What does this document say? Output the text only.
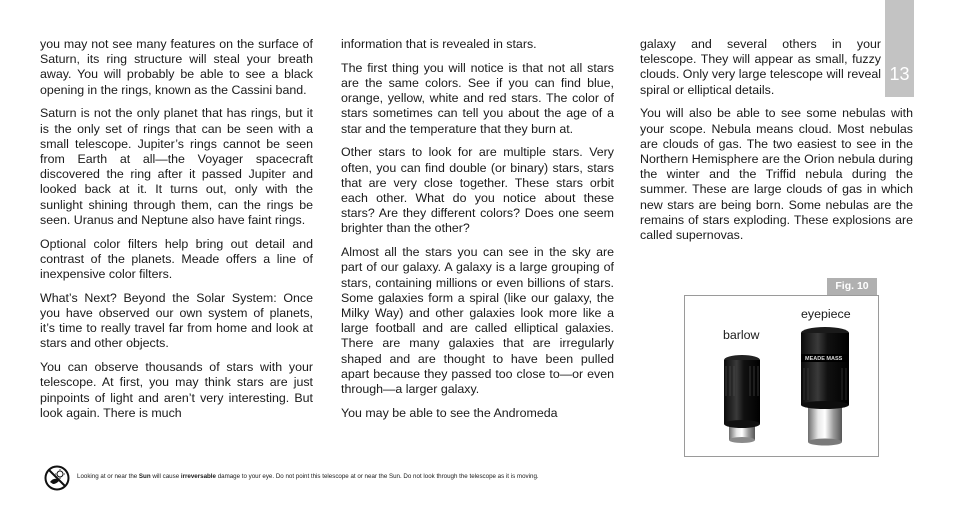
13

you may not see many features on the surface of Saturn, its ring structure will steal your breath away. You will probably be able to see a black opening in the rings, known as the Cassini band.

Saturn is not the only planet that has rings, but it is the only set of rings that can be seen with a small telescope. Jupiter’s rings cannot be seen from Earth at all—the Voyager spacecraft discovered the ring after it passed Jupiter and looked back at it. It turns out, only with the sunlight shining through them, can the rings be seen. Uranus and Neptune also have faint rings.

Optional color filters help bring out detail and contrast of the planets. Meade offers a line of inexpensive color filters.

What’s Next? Beyond the Solar System: Once you have observed our own system of planets, it’s time to really travel far from home and look at stars and other objects.

You can observe thousands of stars with your telescope. At first, you may think stars are just pinpoints of light and aren’t very interesting. But look again. There is much

information that is revealed in stars.

The first thing you will notice is that not all stars are the same colors. See if you can find blue, orange, yellow, white and red stars. The color of stars sometimes can tell you about the age of a star and the temperature that they burn at.

Other stars to look for are multiple stars. Very often, you can find double (or binary) stars, stars that are very close together. These stars orbit each other. What do you notice about these stars? Are they different colors? Does one seem brighter than the other?

Almost all the stars you can see in the sky are part of our galaxy. A galaxy is a large grouping of stars, containing millions or even billions of stars. Some galaxies form a spiral (like our galaxy, the Milky Way) and other galaxies look more like a large football and are called elliptical galaxies. There are many galaxies that are irregularly shaped and are thought to have been pulled apart because they passed too close to—or even through—a larger galaxy.

You may be able to see the Andromeda

galaxy and several others in your telescope. They will appear as small, fuzzy clouds. Only very large telescope will reveal spiral or elliptical details.

You will also be able to see some nebulas with your scope. Nebula means cloud. Most nebulas are clouds of gas. The two easiest to see in the Northern Hemisphere are the Orion nebula during the winter and the Triffid nebula during the summer. These are large clouds of gas in which new stars are being born. Some nebulas are the remains of stars exploding. These explosions are called supernovas.

Fig. 10
MEADE MASS
barlow
eyepiece
Looking at or near the Sun will cause irreversable damage to your eye. Do not point this telescope at or near the Sun. Do not look through the telescope as it is moving.
